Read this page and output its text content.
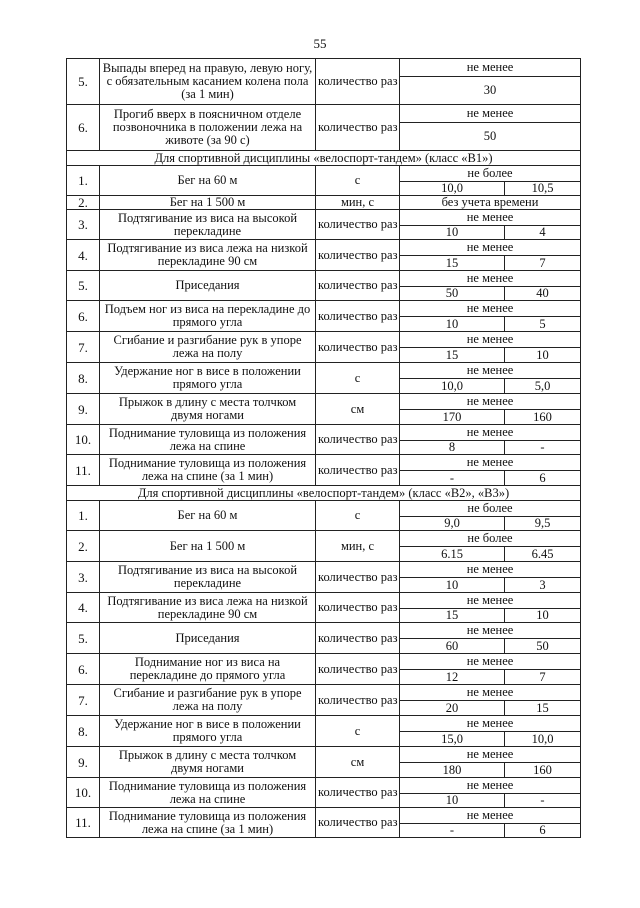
55
5.	Выпады вперед на правую, левую ногу, с обязательным касанием колена пола (за 1 мин)	количество раз	не менее	
			30	
6.	Прогиб вверх в поясничном отделе позвоночника в положении лежа на животе (за 90 с)	количество раз	не менее	
			50	
Для спортивной дисциплины «велоспорт-тандем» (класс «В1»)				
1.	Бег на 60 м	с	не более	
			10,0	10,5
2.	Бег на 1 500 м	мин, с	без учета времени	
3.	Подтягивание из виса на высокой перекладине	количество раз	не менее	
			10	4
4.	Подтягивание из виса лежа на низкой перекладине 90 см	количество раз	не менее	
			15	7
5.	Приседания	количество раз	не менее	
			50	40
6.	Подъем ног из виса на перекладине до прямого угла	количество раз	не менее	
			10	5
7.	Сгибание и разгибание рук в упоре лежа на полу	количество раз	не менее	
			15	10
8.	Удержание ног в висе в положении прямого угла	с	не менее	
			10,0	5,0
9.	Прыжок в длину с места толчком двумя ногами	см	не менее	
			170	160
10.	Поднимание туловища из положения лежа на спине	количество раз	не менее	
			8	-
11.	Поднимание туловища из положения лежа на спине (за 1 мин)	количество раз	не менее	
			-	6
Для спортивной дисциплины «велоспорт-тандем» (класс «В2», «В3»)				
1.	Бег на 60 м	с	не более	
			9,0	9,5
2.	Бег на 1 500 м	мин, с	не более	
			6.15	6.45
3.	Подтягивание из виса на высокой перекладине	количество раз	не менее	
			10	3
4.	Подтягивание из виса лежа на низкой перекладине 90 см	количество раз	не менее	
			15	10
5.	Приседания	количество раз	не менее	
			60	50
6.	Поднимание ног из виса на перекладине до прямого угла	количество раз	не менее	
			12	7
7.	Сгибание и разгибание рук в упоре лежа на полу	количество раз	не менее	
			20	15
8.	Удержание ног в висе в положении прямого угла	с	не менее	
			15,0	10,0
9.	Прыжок в длину с места толчком двумя ногами	см	не менее	
			180	160
10.	Поднимание туловища из положения лежа на спине	количество раз	не менее	
			10	-
11.	Поднимание туловища из положения лежа на спине (за 1 мин)	количество раз	не менее	
			-	6
